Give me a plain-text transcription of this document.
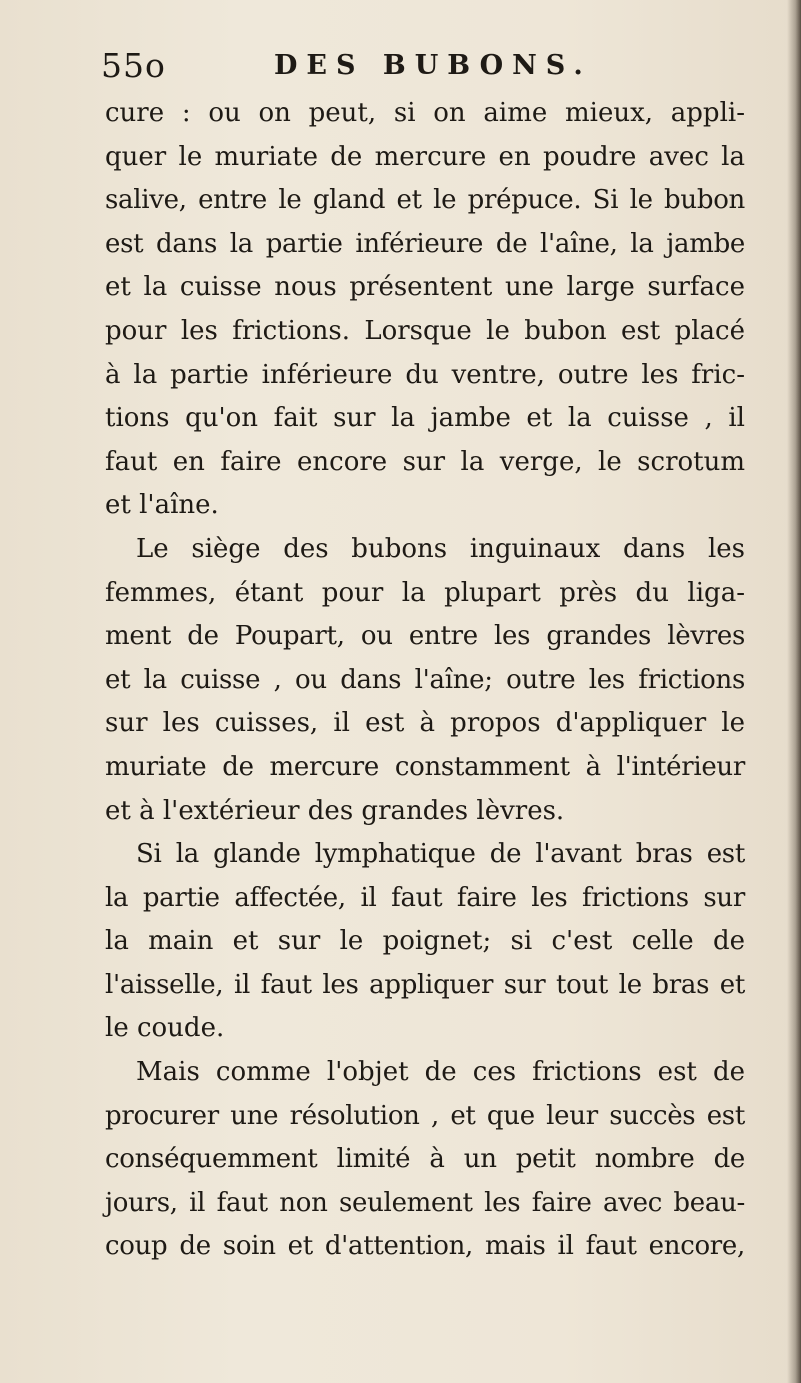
55o	DES BUBONS.
cure : ou on peut, si on aime mieux, appli-
quer le muriate de mercure en poudre avec la
salive, entre le gland et le prépuce. Si le bubon
est dans la partie inférieure de l'aîne, la jambe
et la cuisse nous présentent une large surface
pour les frictions. Lorsque le bubon est placé
à la partie inférieure du ventre, outre les fric-
tions qu'on fait sur la jambe et la cuisse , il
faut en faire encore sur la verge, le scrotum
et l'aîne.
Le siège des bubons inguinaux dans les
femmes, étant pour la plupart près du liga-
ment de Poupart, ou entre les grandes lèvres
et la cuisse , ou dans l'aîne; outre les frictions
sur les cuisses, il est à propos d'appliquer le
muriate de mercure constamment à l'intérieur
et à l'extérieur des grandes lèvres.
Si la glande lymphatique de l'avant bras est
la partie affectée, il faut faire les frictions sur
la main et sur le poignet; si c'est celle de
l'aisselle, il faut les appliquer sur tout le bras et
le coude.
Mais comme l'objet de ces frictions est de
procurer une résolution , et que leur succès est
conséquemment limité à un petit nombre de
jours, il faut non seulement les faire avec beau-
coup de soin et d'attention, mais il faut encore,
